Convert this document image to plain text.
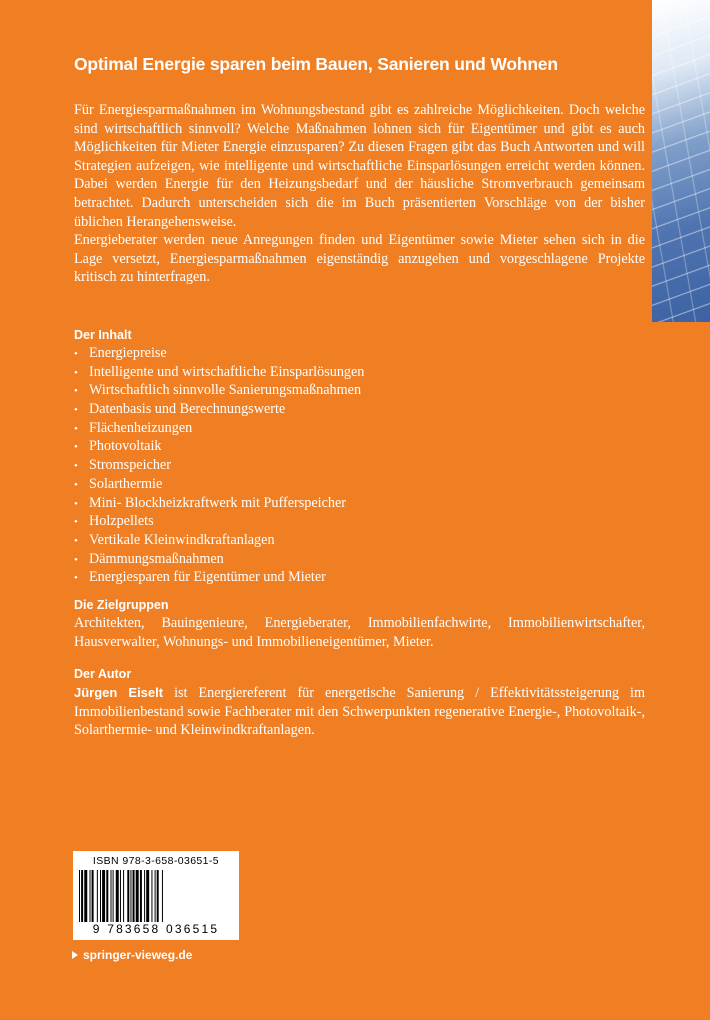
Optimal Energie sparen beim Bauen, Sanieren und Wohnen

Für Energiesparmaßnahmen im Wohnungsbestand gibt es zahlreiche Möglichkeiten. Doch welche sind wirtschaftlich sinnvoll? Welche Maßnahmen lohnen sich für Eigentümer und gibt es auch Möglichkeiten für Mieter Energie einzusparen? Zu diesen Fragen gibt das Buch Antworten und will Strategien aufzeigen, wie intelligente und wirtschaftliche Einsparlösungen erreicht werden können. Dabei werden Energie für den Heizungsbedarf und der häusliche Stromverbrauch gemeinsam betrachtet. Dadurch unterscheiden sich die im Buch präsentierten Vorschläge von der bisher üblichen Herangehensweise.

Energieberater werden neue Anregungen finden und Eigentümer sowie Mieter sehen sich in die Lage versetzt, Energiesparmaßnahmen eigenständig anzugehen und vorgeschlagene Projekte kritisch zu hinterfragen.

Der Inhalt

• Energiepreise
• Intelligente und wirtschaftliche Einsparlösungen
• Wirtschaftlich sinnvolle Sanierungsmaßnahmen
• Datenbasis und Berechnungswerte
• Flächenheizungen
• Photovoltaik
• Stromspeicher
• Solarthermie
• Mini- Blockheizkraftwerk mit Pufferspeicher
• Holzpellets
• Vertikale Kleinwindkraftanlagen
• Dämmungsmaßnahmen
• Energiesparen für Eigentümer und Mieter

Die Zielgruppen

Architekten, Bauingenieure, Energieberater, Immobilienfachwirte, Immobilienwirtschafter, Hausverwalter, Wohnungs- und Immobilieneigentümer, Mieter.

Der Autor

Jürgen Eiselt ist Energiereferent für energetische Sanierung / Effektivitätssteigerung im Immobilienbestand sowie Fachberater mit den Schwerpunkten regenerative Energie-, Photovoltaik-, Solarthermie- und Kleinwindkraftanlagen.

ISBN 978-3-658-03651-5
9 783658 036515
springer-vieweg.de
